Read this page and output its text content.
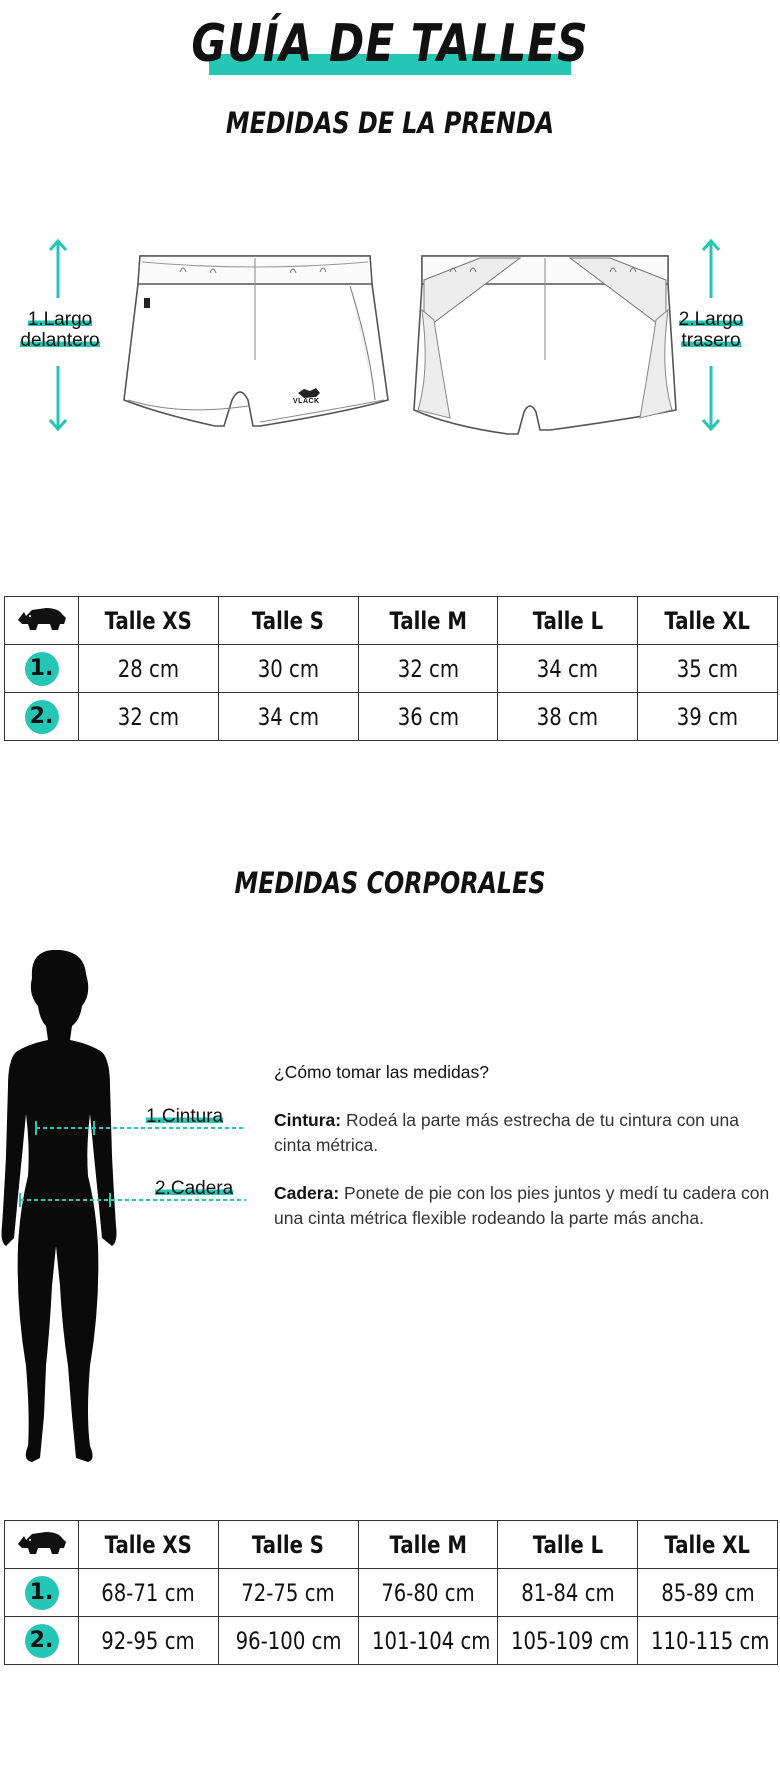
GUÍA DE TALLES
MEDIDAS DE LA PRENDA
1.Largo
delantero
2.Largo
trasero
VLACK
	Talle XS	Talle S	Talle M	Talle L	Talle XL
1.	28 cm	30 cm	32 cm	34 cm	35 cm
2.	32 cm	34 cm	36 cm	38 cm	39 cm
MEDIDAS CORPORALES
1.Cintura
2.Cadera
¿Cómo tomar las medidas?
Cintura: Rodeá la parte más estrecha de tu cintura con una cinta métrica.
Cadera: Ponete de pie con los pies juntos y medí tu cadera con una cinta métrica flexible rodeando la parte más ancha.
	Talle XS	Talle S	Talle M	Talle L	Talle XL
1.	68-71 cm	72-75 cm	76-80 cm	81-84 cm	85-89 cm
2.	92-95 cm	96-100 cm	101-104 cm	105-109 cm	110-115 cm
